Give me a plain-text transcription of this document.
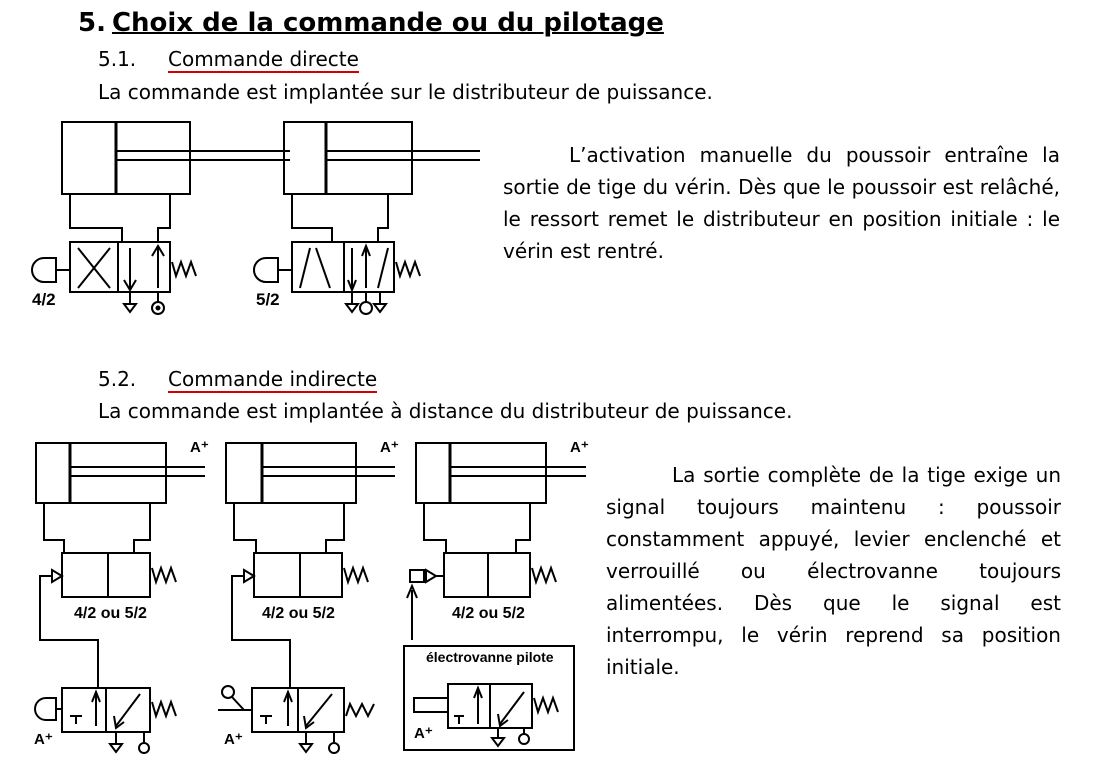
5. Choix de la commande ou du pilotage
5.1. Commande directe
La commande est implantée sur le distributeur de puissance.

L’activation manuelle du poussoir entraîne la sortie de tige du vérin. Dès que le poussoir est relâché, le ressort remet le distributeur en position initiale : le vérin est rentré.

5.2. Commande indirecte
La commande est implantée à distance du distributeur de puissance.

La sortie complète de la tige exige un signal toujours maintenu : poussoir constamment appuyé, levier enclenché et verrouillé ou électrovanne toujours alimentées. Dès que le signal est interrompu, le vérin reprend sa position initiale.

4/2	5/2
A⁺
4/2 ou 5/2
A⁺
A⁺
4/2 ou 5/2
A⁺
A⁺
4/2 ou 5/2
électrovanne pilote
A⁺
